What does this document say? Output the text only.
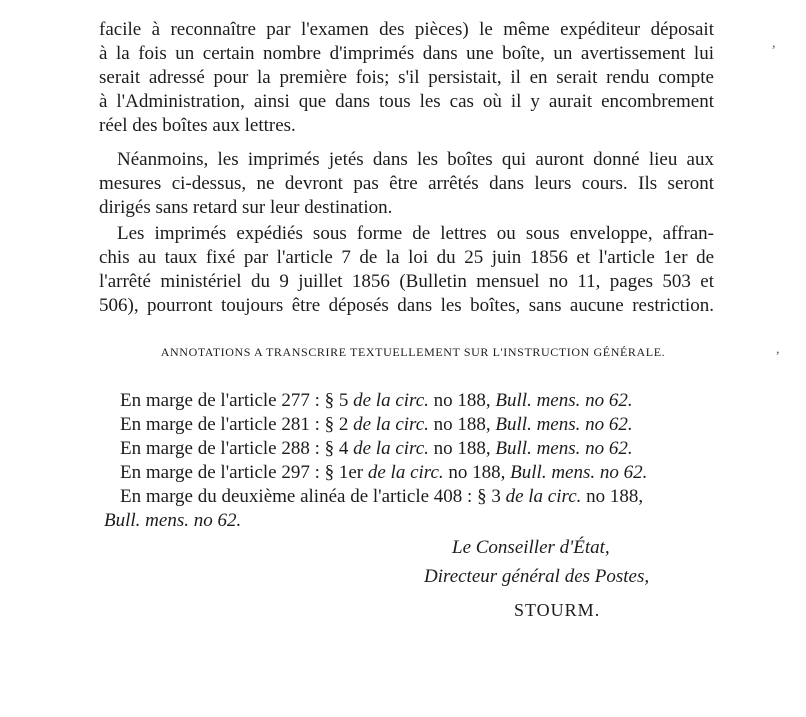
facile à reconnaître par l'examen des pièces) le même expéditeur déposait
à la fois un certain nombre d'imprimés dans une boîte, un avertissement lui
serait adressé pour la première fois; s'il persistait, il en serait rendu compte
à l'Administration, ainsi que dans tous les cas où il y aurait encombrement
réel des boîtes aux lettres.
Néanmoins, les imprimés jetés dans les boîtes qui auront donné lieu aux
mesures ci-dessus, ne devront pas être arrêtés dans leurs cours. Ils seront
dirigés sans retard sur leur destination.
Les imprimés expédiés sous forme de lettres ou sous enveloppe, affran-
chis au taux fixé par l'article 7 de la loi du 25 juin 1856 et l'article 1er de
l'arrêté ministériel du 9 juillet 1856 (Bulletin mensuel no 11, pages 503 et
506), pourront toujours être déposés dans les boîtes, sans aucune restriction.
ANNOTATIONS A TRANSCRIRE TEXTUELLEMENT SUR L'INSTRUCTION GÉNÉRALE.
En marge de l'article 277 : § 5 de la circ. no 188, Bull. mens. no 62.
En marge de l'article 281 : § 2 de la circ. no 188, Bull. mens. no 62.
En marge de l'article 288 : § 4 de la circ. no 188, Bull. mens. no 62.
En marge de l'article 297 : § 1er de la circ. no 188, Bull. mens. no 62.
En marge du deuxième alinéa de l'article 408 : § 3 de la circ. no 188,
Bull. mens. no 62.
Le Conseiller d'État,
Directeur général des Postes,
STOURM.
,
,
